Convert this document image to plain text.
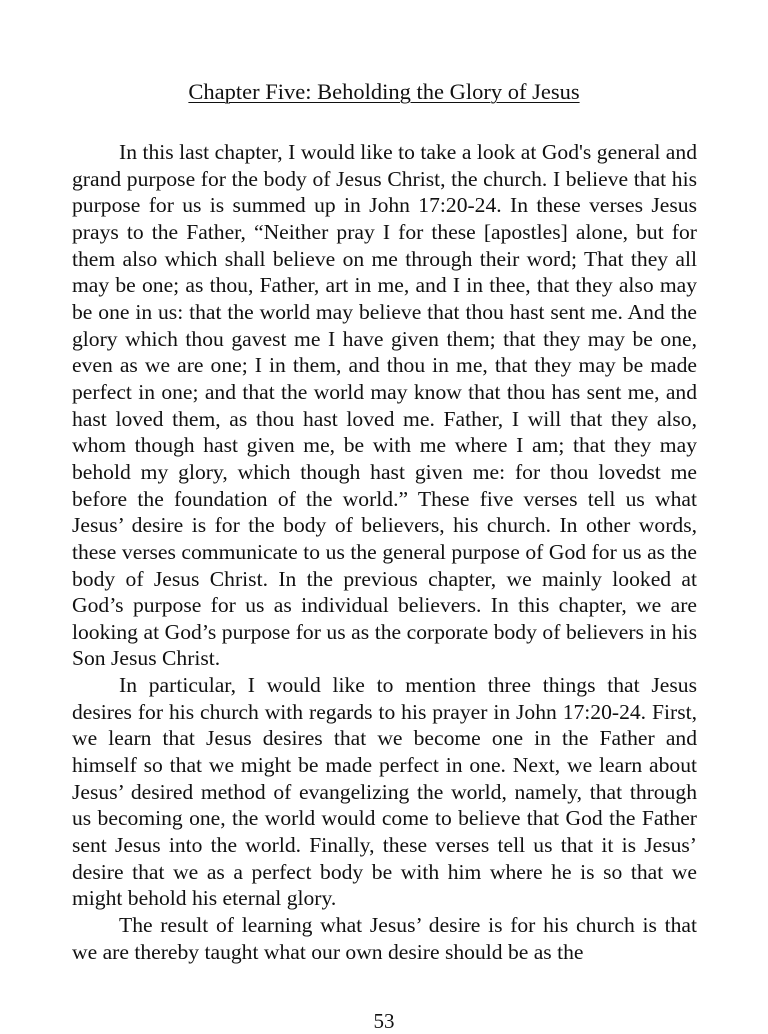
Chapter Five: Beholding the Glory of Jesus

In this last chapter, I would like to take a look at God's general and grand purpose for the body of Jesus Christ, the church. I believe that his purpose for us is summed up in John 17:20-24. In these verses Jesus prays to the Father, “Neither pray I for these [apostles] alone, but for them also which shall believe on me through their word; That they all may be one; as thou, Father, art in me, and I in thee, that they also may be one in us: that the world may believe that thou hast sent me. And the glory which thou gavest me I have given them; that they may be one, even as we are one; I in them, and thou in me, that they may be made perfect in one; and that the world may know that thou has sent me, and hast loved them, as thou hast loved me. Father, I will that they also, whom though hast given me, be with me where I am; that they may behold my glory, which though hast given me: for thou lovedst me before the foundation of the world.” These five verses tell us what Jesus’ desire is for the body of believers, his church. In other words, these verses communicate to us the general purpose of God for us as the body of Jesus Christ. In the previous chapter, we mainly looked at God’s purpose for us as individual believers. In this chapter, we are looking at God’s purpose for us as the corporate body of believers in his Son Jesus Christ.

In particular, I would like to mention three things that Jesus desires for his church with regards to his prayer in John 17:20-24. First, we learn that Jesus desires that we become one in the Father and himself so that we might be made perfect in one. Next, we learn about Jesus’ desired method of evangelizing the world, namely, that through us becoming one, the world would come to believe that God the Father sent Jesus into the world. Finally, these verses tell us that it is Jesus’ desire that we as a perfect body be with him where he is so that we might behold his eternal glory.

The result of learning what Jesus’ desire is for his church is that we are thereby taught what our own desire should be as the

53
